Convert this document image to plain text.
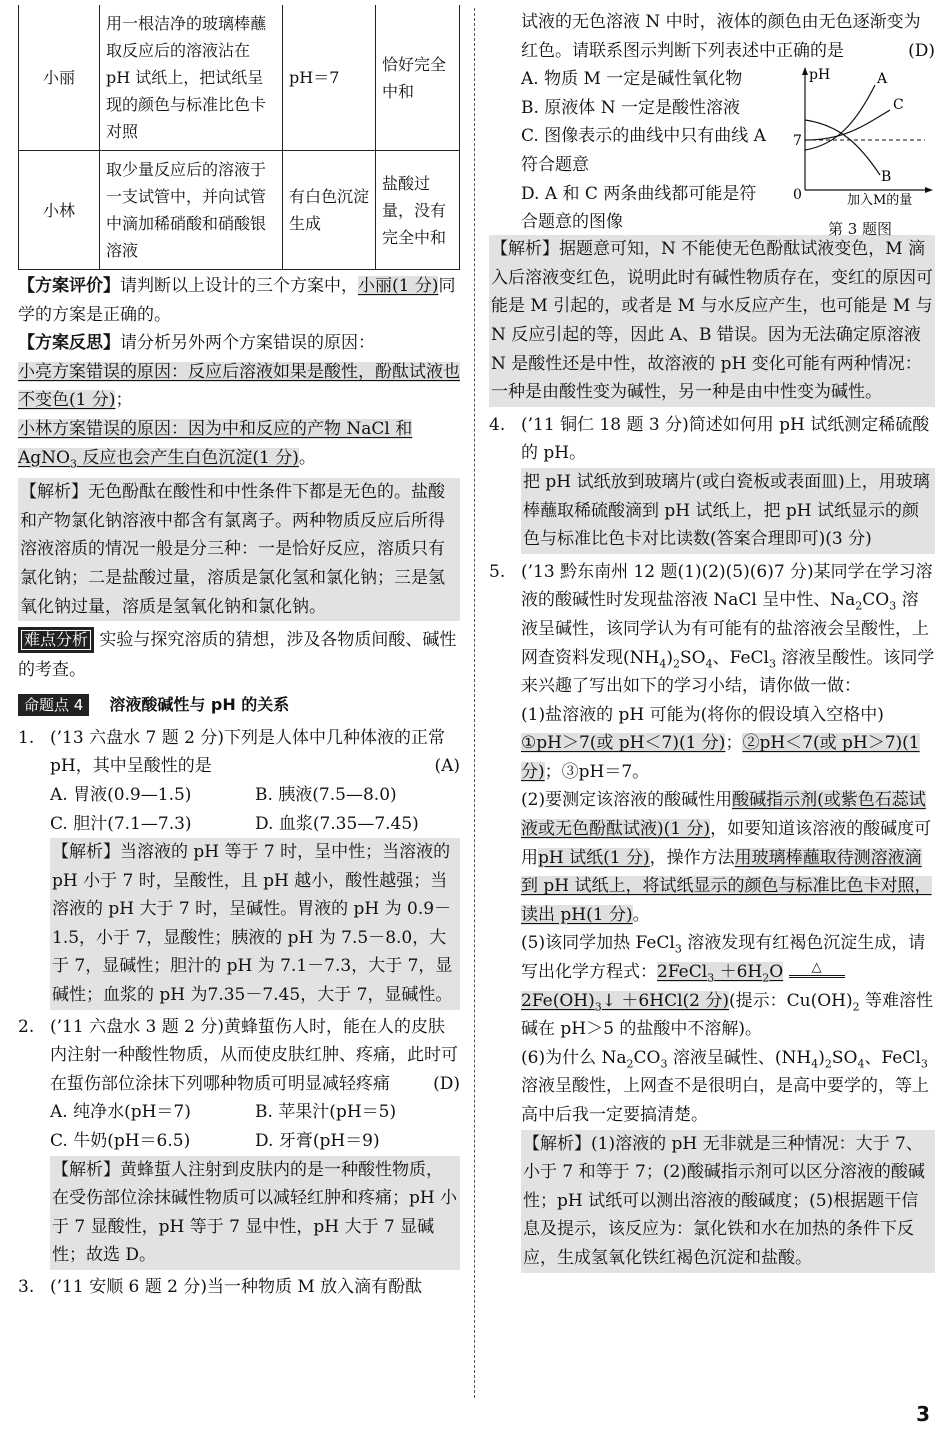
小丽	用一根洁净的玻璃棒蘸取反应后的溶液沾在 pH 试纸上，把试纸呈现的颜色与标准比色卡对照	pH＝7	恰好完全中和
小林	取少量反应后的溶液于一支试管中，并向试管中滴加稀硝酸和硝酸银溶液	有白色沉淀生成	盐酸过量，没有完全中和

【方案评价】请判断以上设计的三个方案中，小丽(1 分)同学的方案是正确的。

【方案反思】请分析另外两个方案错误的原因：
小亮方案错误的原因：反应后溶液如果是酸性，酚酞试液也不变色(1 分)；
小林方案错误的原因：因为中和反应的产物 NaCl 和 AgNO$_3$ 反应也会产生白色沉淀(1 分)。

【解析】无色酚酞在酸性和中性条件下都是无色的。盐酸和产物氯化钠溶液中都含有氯离子。两种物质反应后所得溶液溶质的情况一般是分三种：一是恰好反应，溶质只有氯化钠；二是盐酸过量，溶质是氯化氢和氯化钠；三是氢氧化钠过量，溶质是氢氧化钠和氯化钠。

难点分析 实验与探究溶质的猜想，涉及各物质间酸、碱性的考查。

命题点 4	溶液酸碱性与 pH 的关系
1. (’13 六盘水 7 题 2 分)下列是人体中几种体液的正常 pH，其中呈酸性的是	(A)
A. 胃液(0.9—1.5)	B. 胰液(7.5—8.0)
C. 胆汁(7.1—7.3)	D. 血浆(7.35—7.45)

【解析】当溶液的 pH 等于 7 时，呈中性；当溶液的 pH 小于 7 时，呈酸性，且 pH 越小，酸性越强；当溶液的 pH 大于 7 时，呈碱性。胃液的 pH 为 0.9－1.5，小于 7，显酸性；胰液的 pH 为 7.5－8.0，大于 7，显碱性；胆汁的 pH 为 7.1－7.3，大于 7，显碱性；血浆的 pH 为7.35－7.45，大于 7，显碱性。

2. (’11 六盘水 3 题 2 分)黄蜂蜇伤人时，能在人的皮肤内注射一种酸性物质，从而使皮肤红肿、疼痛，此时可在蜇伤部位涂抹下列哪种物质可明显减轻疼痛	(D)
A. 纯净水(pH＝7)	B. 苹果汁(pH＝5)
C. 牛奶(pH＝6.5)	D. 牙膏(pH＝9)

【解析】黄蜂蜇人注射到皮肤内的是一种酸性物质，在受伤部位涂抹碱性物质可以减轻红肿和疼痛；pH 小于 7 显酸性，pH 等于 7 显中性，pH 大于 7 显碱性；故选 D。

3. (’11 安顺 6 题 2 分)当一种物质 M 放入滴有酚酞

试液的无色溶液 N 中时，液体的颜色由无色逐渐变为红色。请联系图示判断下列表述中正确的是	(D)

A. 物质 M 一定是碱性氧化物

B. 原液体 N 一定是酸性溶液

C. 图像表示的曲线中只有曲线 A 符合题意

D. A 和 C 两条曲线都可能是符合题意的图像

pH
7
0
A
C
B
加入M的量
第 3 题图

【解析】据题意可知，N 不能使无色酚酞试液变色，M 滴入后溶液变红色，说明此时有碱性物质存在，变红的原因可能是 M 引起的，或者是 M 与水反应产生，也可能是 M 与 N 反应引起的等，因此 A、B 错误。因为无法确定原溶液 N 是酸性还是中性，故溶液的 pH 变化可能有两种情况：一种是由酸性变为碱性，另一种是由中性变为碱性。

4. (’11 铜仁 18 题 3 分)简述如何用 pH 试纸测定稀硫酸的 pH。

把 pH 试纸放到玻璃片(或白瓷板或表面皿)上，用玻璃棒蘸取稀硫酸滴到 pH 试纸上，把 pH 试纸显示的颜色与标准比色卡对比读数(答案合理即可)(3 分)

5. (’13 黔东南州 12 题(1)(2)(5)(6)7 分)某同学在学习溶液的酸碱性时发现盐溶液 NaCl 呈中性、$Na_2CO_3$ 溶液呈碱性，该同学认为有可能有的盐溶液会呈酸性，上网查资料发现$(NH_4)_2SO_4$、FeCl$_3$ 溶液呈酸性。该同学来兴趣了写出如下的学习小结，请你做一做：

(1)盐溶液的 pH 可能为(将你的假设填入空格中)
①pH＞7(或 pH＜7)(1 分)；②pH＜7(或 pH＞7)(1 分)；③pH＝7。

(2)要测定该溶液的酸碱性用酸碱指示剂(或紫色石蕊试液或无色酚酞试液)(1 分)，如要知道该溶液的酸碱度可用pH 试纸(1 分)，操作方法用玻璃棒蘸取待测溶液滴到 pH 试纸上，将试纸显示的颜色与标准比色卡对照，读出 pH(1 分)。

(5)该同学加热 FeCl$_3$ 溶液发现有红褐色沉淀生成，请写出化学方程式：2FeCl$_3$ $+6H_2O$ △
$2Fe(OH)_3↓ +6HCl(2$ 分)(提示：$Cu(OH)_2$ 等难溶性碱在 pH＞5 的盐酸中不溶解)。

(6)为什么 $Na_2CO_3$ 溶液呈碱性、$(NH_4)_2SO_4$、FeCl$_3$ 溶液呈酸性，上网查不是很明白，是高中要学的，等上高中后我一定要搞清楚。

【解析】(1)溶液的 pH 无非就是三种情况：大于 7、小于 7 和等于 7；(2)酸碱指示剂可以区分溶液的酸碱性；pH 试纸可以测出溶液的酸碱度；(5)根据题干信息及提示，该反应为：氯化铁和水在加热的条件下反应，生成氢氧化铁红褐色沉淀和盐酸。

3
